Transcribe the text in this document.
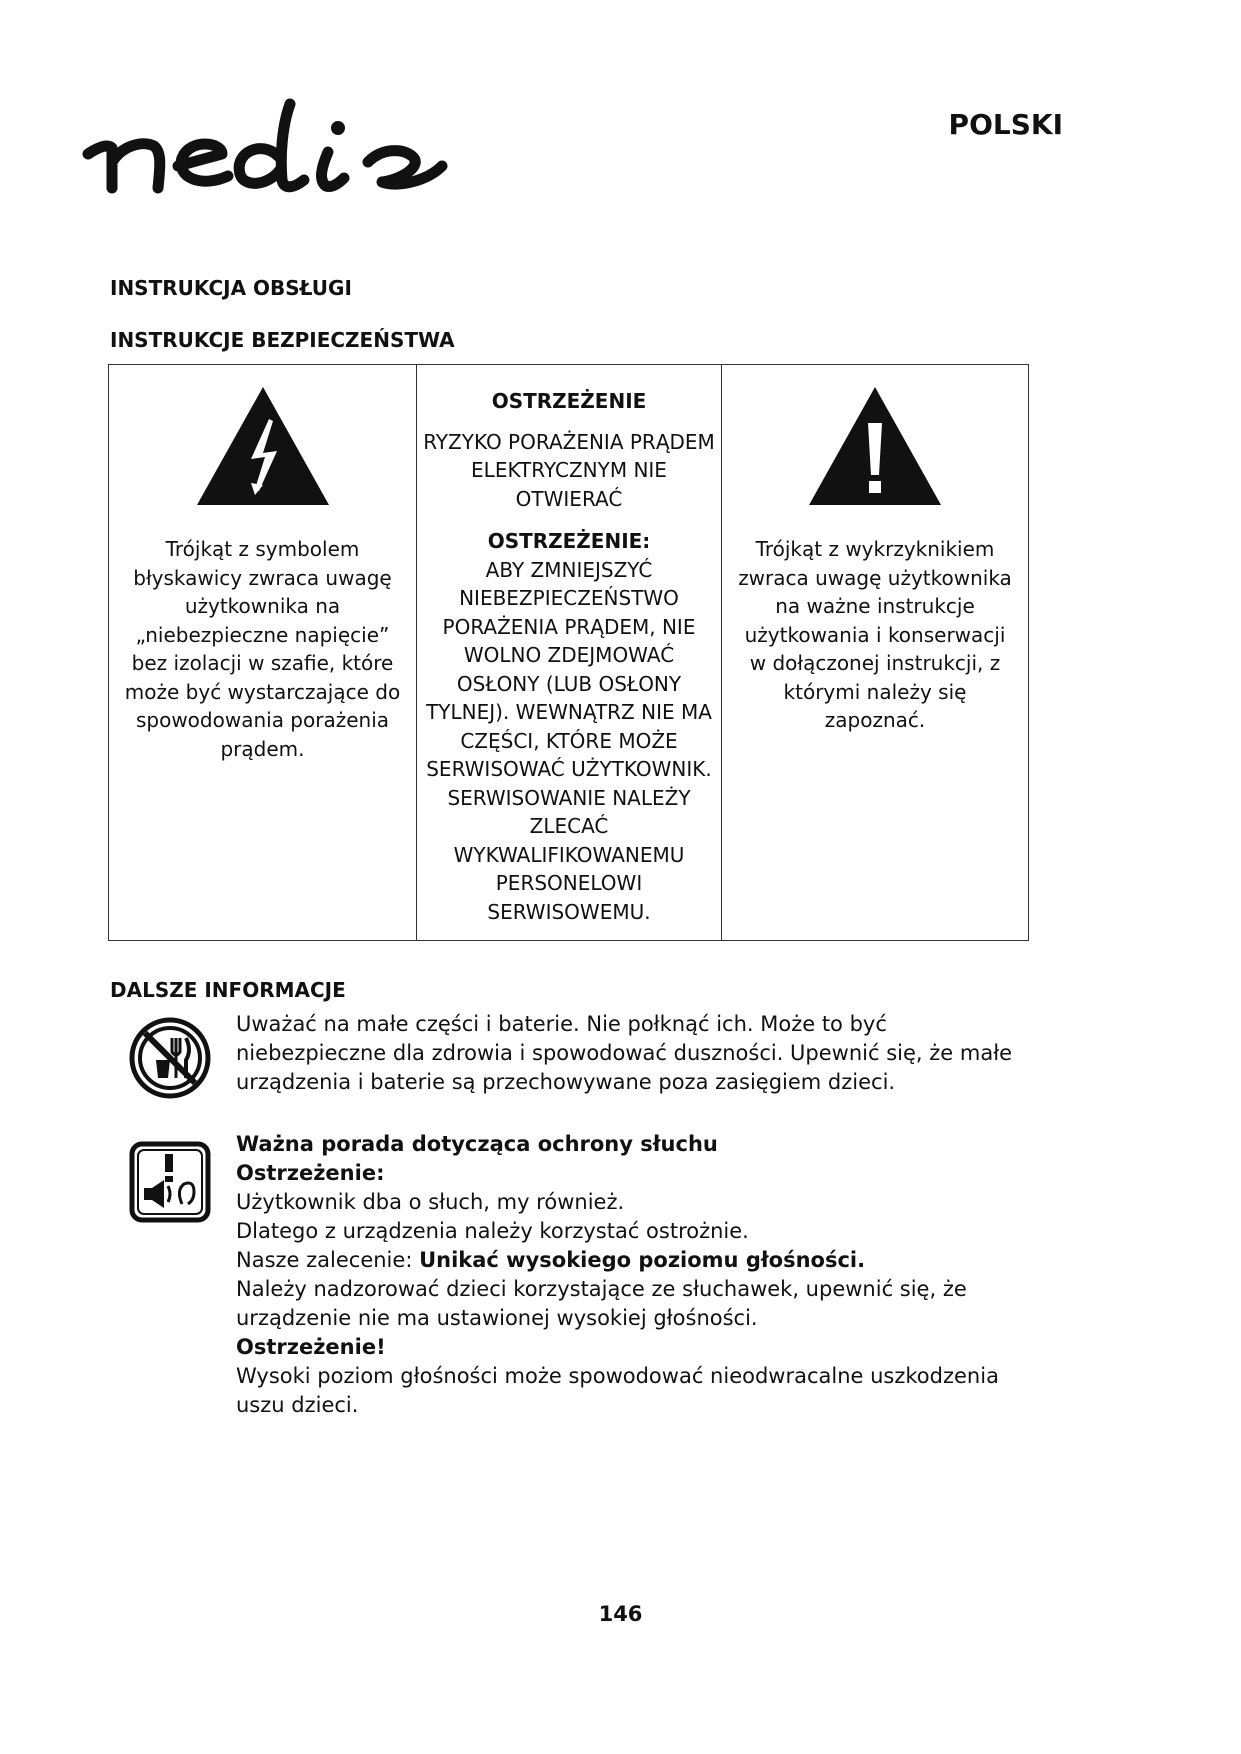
POLSKI
INSTRUKCJA OBSŁUGI
INSTRUKCJE BEZPIECZEŃSTWA
Trójkąt z symbolem błyskawicy zwraca uwagę użytkownika na „niebezpieczne napięcie” bez izolacji w szafie, które może być wystarczające do spowodowania porażenia prądem.
OSTRZEŻENIE
RYZYKO PORAŻENIA PRĄDEM ELEKTRYCZNYM NIE OTWIERAĆ
OSTRZEŻENIE:
ABY ZMNIEJSZYĆ NIEBEZPIECZEŃSTWO PORAŻENIA PRĄDEM, NIE WOLNO ZDEJMOWAĆ OSŁONY (LUB OSŁONY TYLNEJ). WEWNĄTRZ NIE MA CZĘŚCI, KTÓRE MOŻE SERWISOWAĆ UŻYTKOWNIK. SERWISOWANIE NALEŻY ZLECAĆ WYKWALIFIKOWANEMU PERSONELOWI SERWISOWEMU.
Trójkąt z wykrzyknikiem zwraca uwagę użytkownika na ważne instrukcje użytkowania i konserwacji w dołączonej instrukcji, z którymi należy się zapoznać.
DALSZE INFORMACJE
Uważać na małe części i baterie. Nie połknąć ich. Może to być niebezpieczne dla zdrowia i spowodować duszności. Upewnić się, że małe urządzenia i baterie są przechowywane poza zasięgiem dzieci.
Ważna porada dotycząca ochrony słuchu
Ostrzeżenie:
Użytkownik dba o słuch, my również.
Dlatego z urządzenia należy korzystać ostrożnie.
Nasze zalecenie: Unikać wysokiego poziomu głośności.
Należy nadzorować dzieci korzystające ze słuchawek, upewnić się, że urządzenie nie ma ustawionej wysokiej głośności.
Ostrzeżenie!
Wysoki poziom głośności może spowodować nieodwracalne uszkodzenia uszu dzieci.
146
